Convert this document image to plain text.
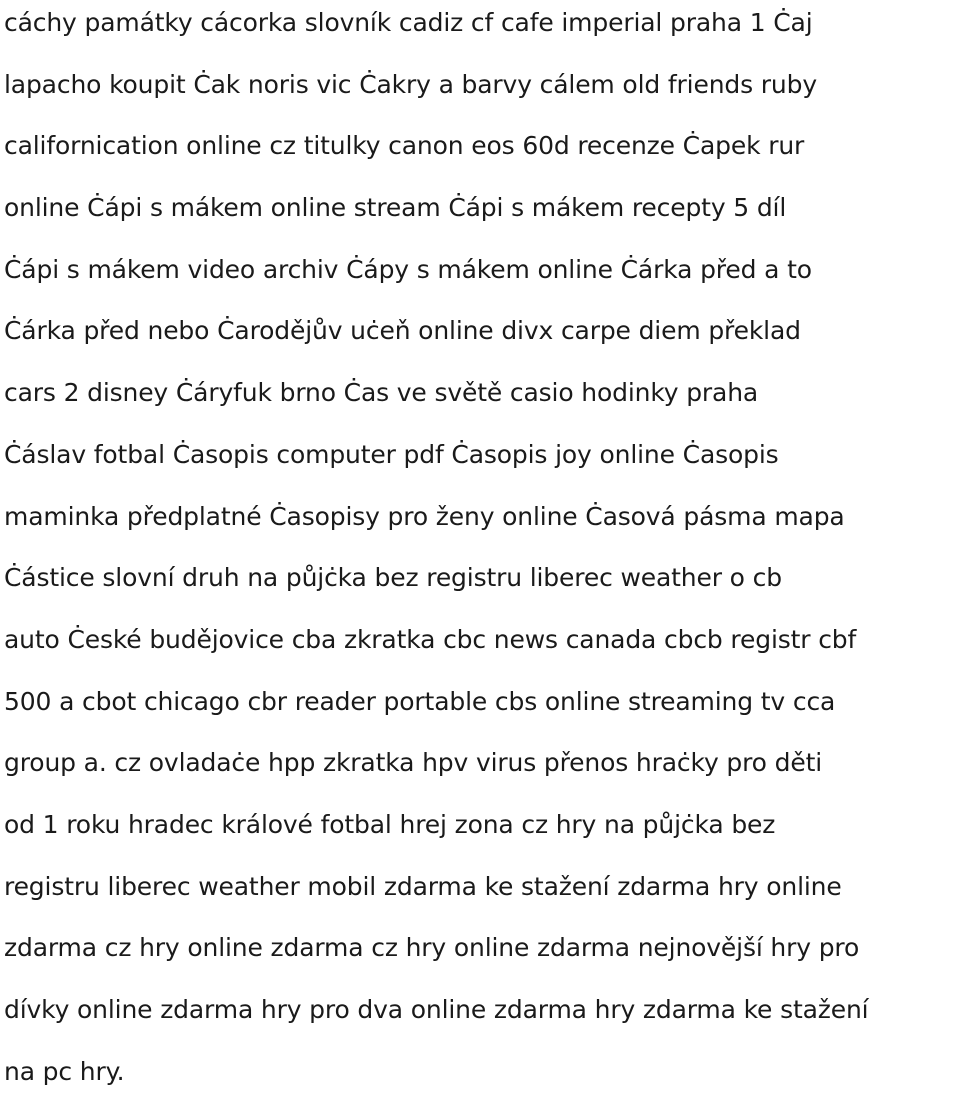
cáchy památky cácorka slovník cadiz cf cafe imperial praha 1 Ċaj
lapacho koupit Ċak noris vic Ċakry a barvy cálem old friends ruby
californication online cz titulky canon eos 60d recenze Ċapek rur
online Ċápi s mákem online stream Ċápi s mákem recepty 5 díl
Ċápi s mákem video archiv Ċápy s mákem online Ċárka před a to
Ċárka před nebo Ċarodějův uċeň online divx carpe diem překlad
cars 2 disney Ċáryfuk brno Ċas ve světě casio hodinky praha
Ċáslav fotbal Ċasopis computer pdf Ċasopis joy online Ċasopis
maminka předplatné Ċasopisy pro ženy online Ċasová pásma mapa
Ċástice slovní druh na půjċka bez registru liberec weather o cb
auto Ċeské budějovice cba zkratka cbc news canada cbcb registr cbf
500 a cbot chicago cbr reader portable cbs online streaming tv cca
group a. cz ovladaċe hpp zkratka hpv virus přenos hraċky pro děti
od 1 roku hradec králové fotbal hrej zona cz hry na půjċka bez
registru liberec weather mobil zdarma ke stažení zdarma hry online
zdarma cz hry online zdarma cz hry online zdarma nejnovější hry pro
dívky online zdarma hry pro dva online zdarma hry zdarma ke stažení
na pc hry.
